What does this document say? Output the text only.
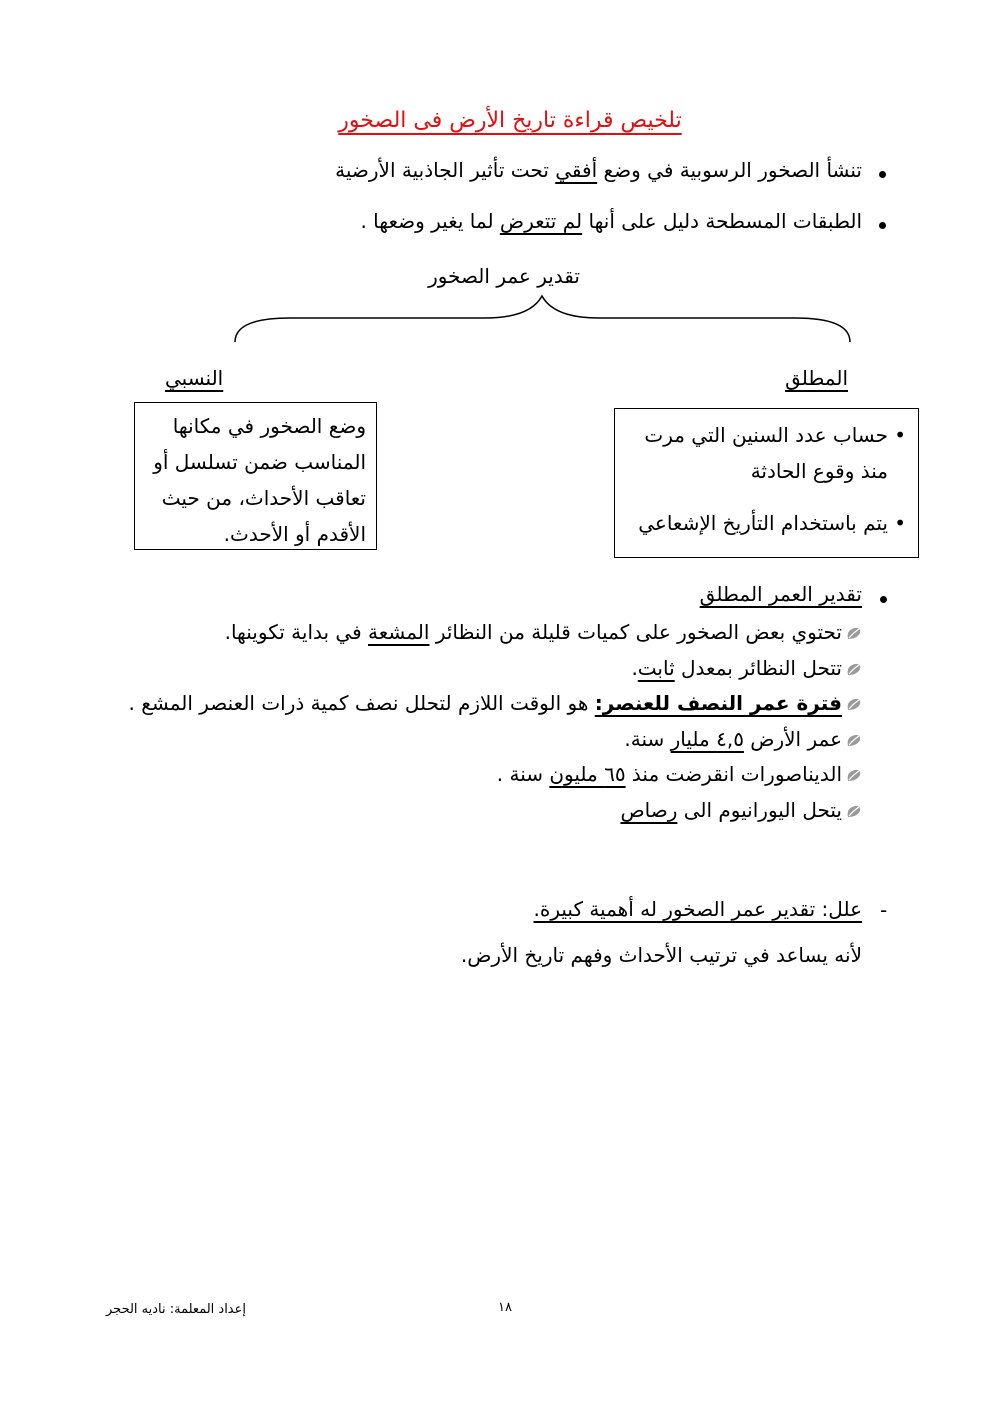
تلخيص قراءة تاريخ الأرض فى الصخور
تنشأ الصخور الرسوبية في وضع أفقي تحت تأثير الجاذبية الأرضية
الطبقات المسطحة دليل على أنها لم تتعرض لما يغير وضعها .
تقدير عمر الصخور
النسبي	المطلق
وضع الصخور في مكانها
المناسب ضمن تسلسل أو
تعاقب الأحداث، من حيث
الأقدم أو الأحدث.
•
حساب عدد السنين التي مرت
منذ وقوع الحادثة
•
يتم باستخدام التأريخ الإشعاعي
تقدير العمر المطلق
تحتوي بعض الصخور على كميات قليلة من النظائر المشعة في بداية تكوينها.
تتحل النظائر بمعدل ثابت.
فترة عمر النصف للعنصر: هو الوقت اللازم لتحلل نصف كمية ذرات العنصر المشع .
عمر الأرض ٤,٥ مليار سنة.
الديناصورات انقرضت منذ ٦٥ مليون سنة .
يتحل اليورانيوم الى رصاص
-
علل: تقدير عمر الصخور له أهمية كبيرة.
لأنه يساعد في ترتيب الأحداث وفهم تاريخ الأرض.
١٨
إعداد المعلمة: ناديه الحجر
